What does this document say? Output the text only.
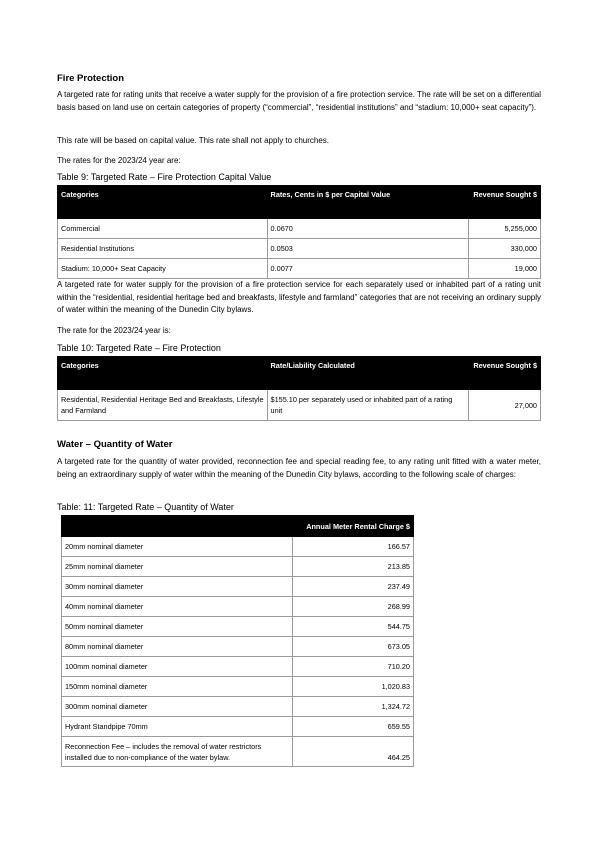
Fire Protection

A targeted rate for rating units that receive a water supply for the provision of a fire protection service. The rate will be set on a differential basis based on land use on certain categories of property (“commercial”, “residential institutions” and “stadium: 10,000+ seat capacity”).

This rate will be based on capital value. This rate shall not apply to churches.

The rates for the 2023/24 year are:

Table 9: Targeted Rate – Fire Protection Capital Value
Categories	Rates, Cents in $ per Capital Value	Revenue Sought $
Commercial	0.0670	5,255,000
Residential Institutions	0.0503	330,000
Stadium: 10,000+ Seat Capacity	0.0077	19,000

A targeted rate for water supply for the provision of a fire protection service for each separately used or inhabited part of a rating unit within the “residential, residential heritage bed and breakfasts, lifestyle and farmland” categories that are not receiving an ordinary supply of water within the meaning of the Dunedin City bylaws.

The rate for the 2023/24 year is:

Table 10: Targeted Rate – Fire Protection
Categories	Rate/Liability Calculated	Revenue Sought $
Residential, Residential Heritage Bed and Breakfasts, Lifestyle and Farmland	$155.10 per separately used or inhabited part of a rating unit	27,000
Water – Quantity of Water

A targeted rate for the quantity of water provided, reconnection fee and special reading fee, to any rating unit fitted with a water meter, being an extraordinary supply of water within the meaning of the Dunedin City bylaws, according to the following scale of charges:

Table: 11: Targeted Rate – Quantity of Water
	Annual Meter Rental Charge $
20mm nominal diameter	166.57
25mm nominal diameter	213.85
30mm nominal diameter	237.49
40mm nominal diameter	268.99
50mm nominal diameter	544.75
80mm nominal diameter	673.05
100mm nominal diameter	710.20
150mm nominal diameter	1,020.83
300mm nominal diameter	1,324.72
Hydrant Standpipe 70mm	659.55
Reconnection Fee – includes the removal of water restrictors installed due to non-compliance of the water bylaw.	464.25
